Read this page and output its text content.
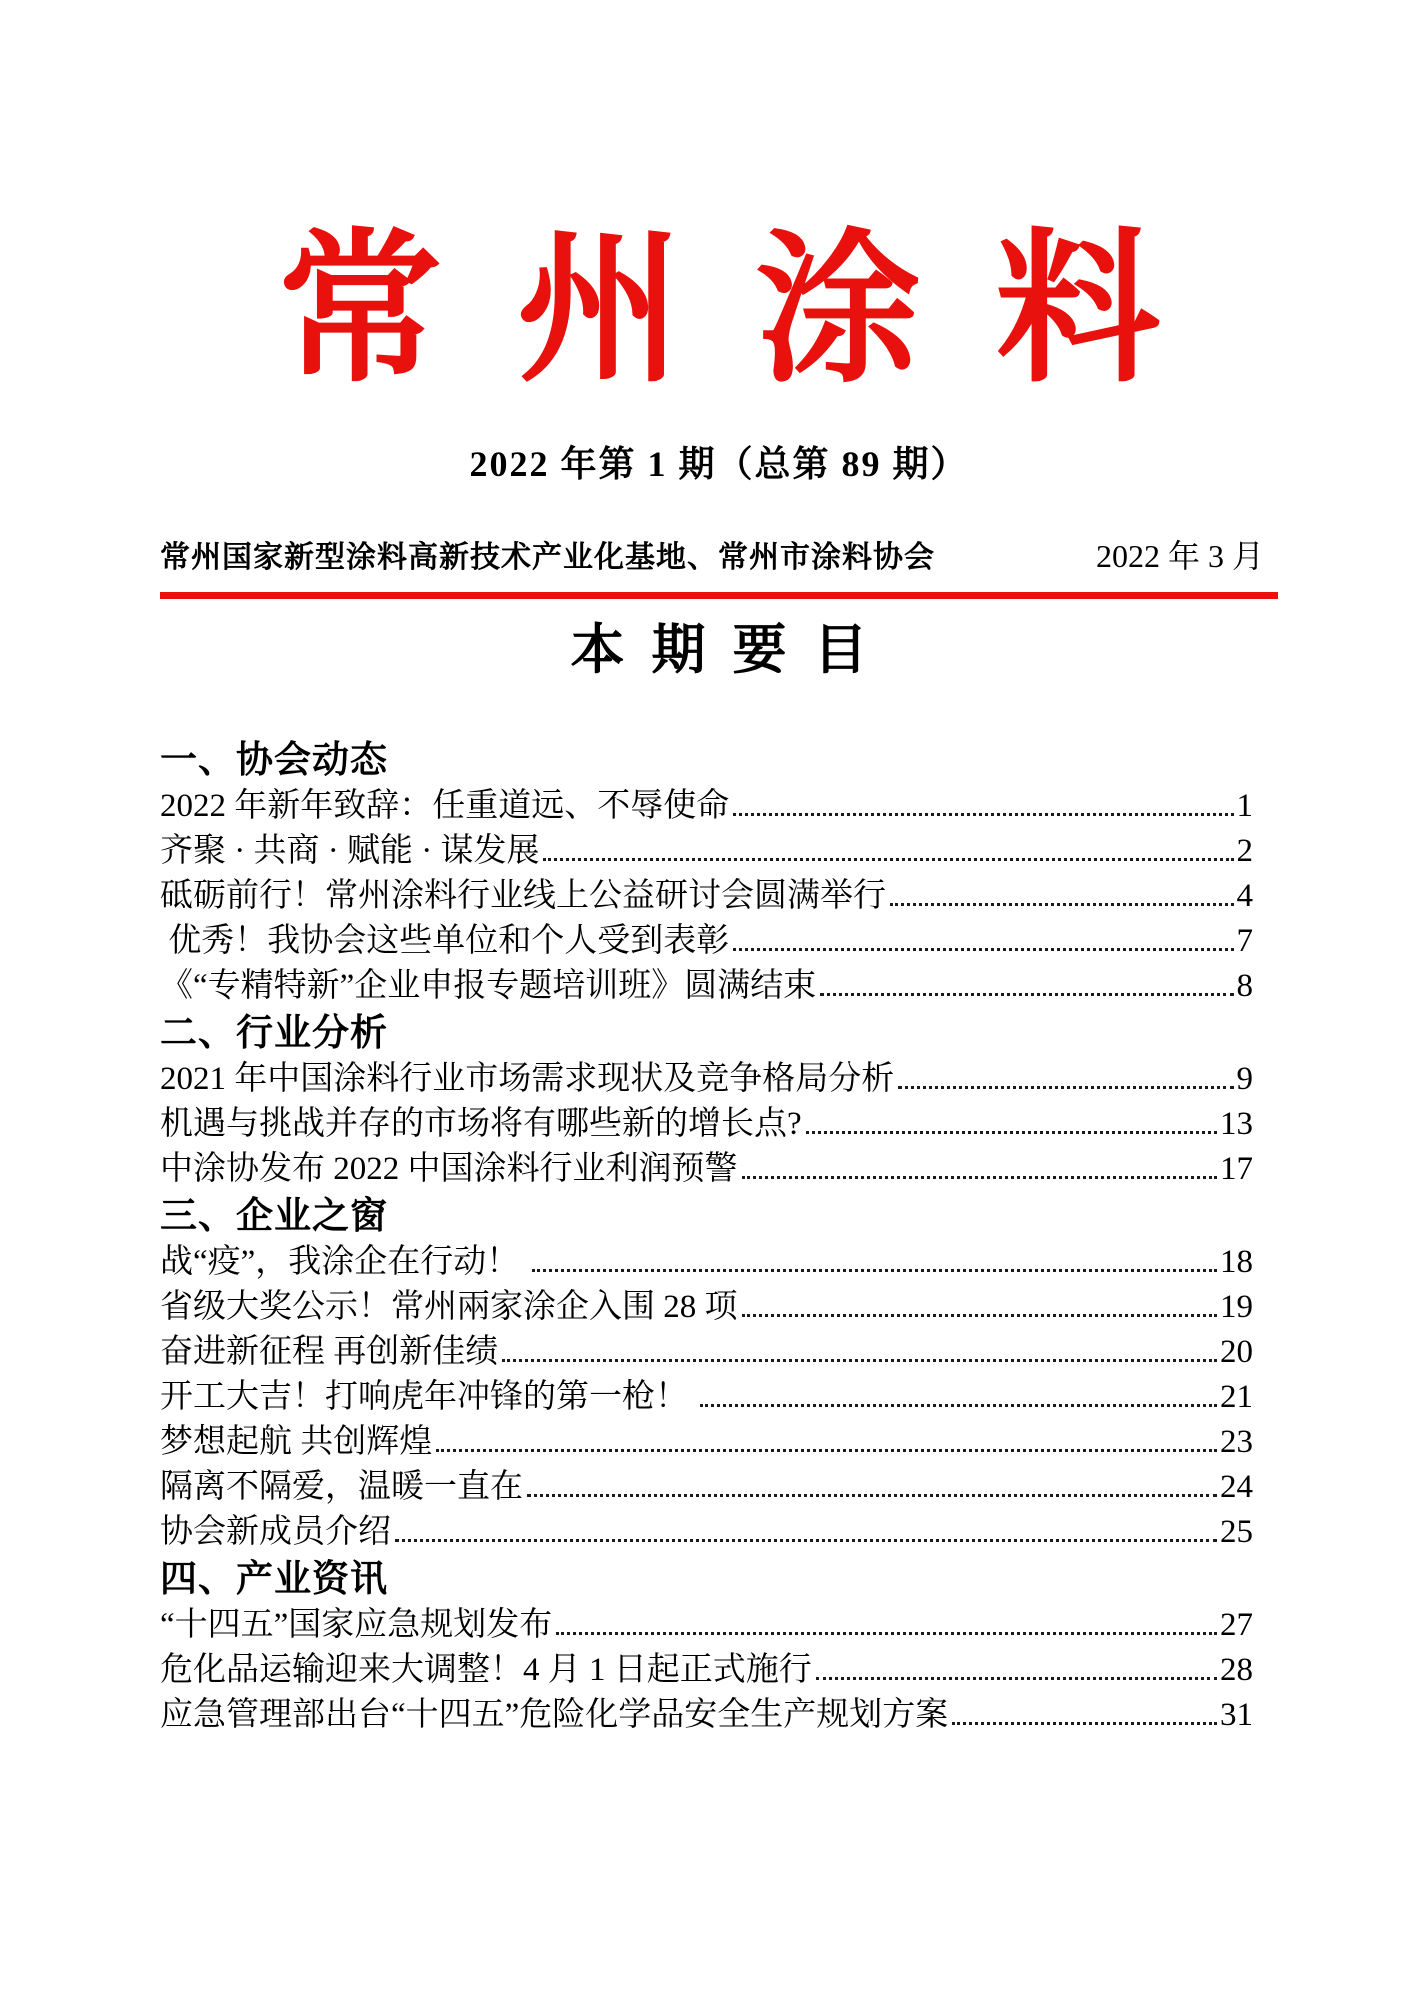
常州涂料
2022 年第 1 期（总第 89 期）
常州国家新型涂料高新技术产业化基地、常州市涂料协会	2022 年 3 月
本期要目
一、协会动态
2022 年新年致辞：任重道远、不辱使命	1
齐聚 · 共商 · 赋能 · 谋发展	2
砥砺前行！常州涂料行业线上公益研讨会圆满举行	4
优秀！我协会这些单位和个人受到表彰	7
《“专精特新”企业申报专题培训班》圆满结束	8
二、行业分析
2021 年中国涂料行业市场需求现状及竞争格局分析	9
机遇与挑战并存的市场将有哪些新的增长点?	13
中涂协发布 2022 中国涂料行业利润预警	17
三、企业之窗
战“疫”，我涂企在行动！	18
省级大奖公示！常州兩家涂企入围 28 项	19
奋进新征程 再创新佳绩	20
开工大吉！打响虎年冲锋的第一枪！	21
梦想起航 共创辉煌	23
隔离不隔爱，温暖一直在	24
协会新成员介绍	25
四、产业资讯
“十四五”国家应急规划发布	27
危化品运输迎来大调整！4 月 1 日起正式施行	28
应急管理部出台“十四五”危险化学品安全生产规划方案	31
